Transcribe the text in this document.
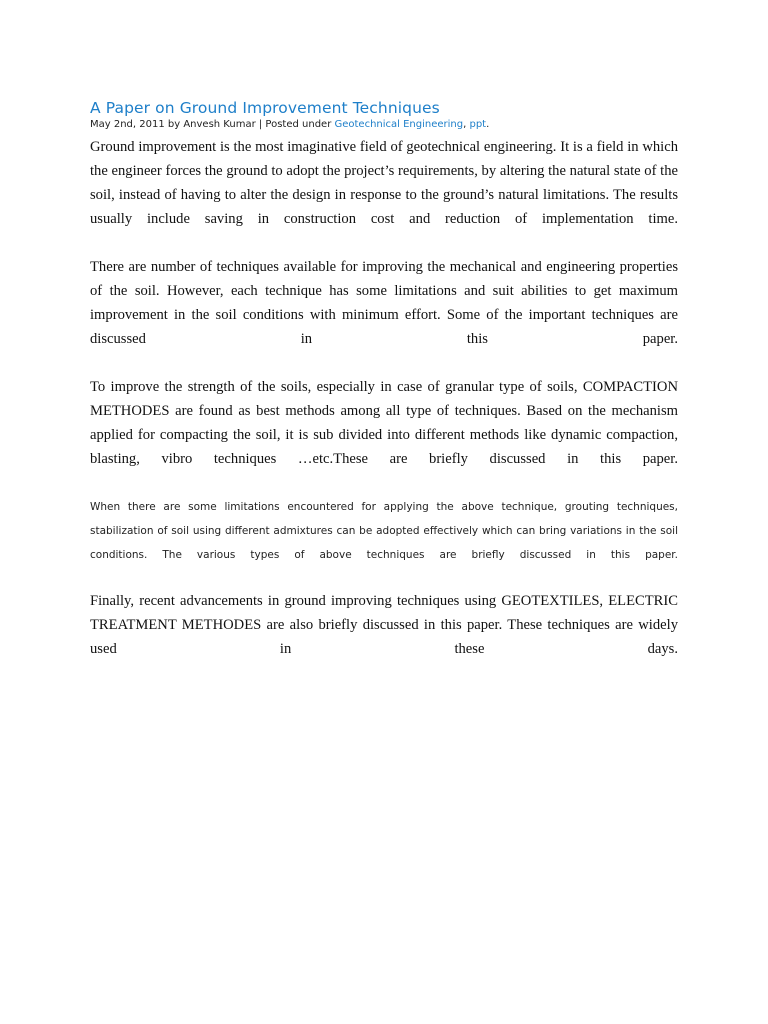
A Paper on Ground Improvement Techniques
May 2nd, 2011 by Anvesh Kumar | Posted under Geotechnical Engineering, ppt.

Ground improvement is the most imaginative field of geotechnical engineering. It is a field in which the engineer forces the ground to adopt the project’s requirements, by altering the natural state of the soil, instead of having to alter the design in response to the ground’s natural limitations. The results usually include saving in construction cost and reduction of implementation time.

There are number of techniques available for improving the mechanical and engineering properties of the soil. However, each technique has some limitations and suit abilities to get maximum improvement in the soil conditions with minimum effort. Some of the important techniques are discussed in this paper.

To improve the strength of the soils, especially in case of granular type of soils, COMPACTION METHODES are found as best methods among all type of techniques. Based on the mechanism applied for compacting the soil, it is sub divided into different methods like dynamic compaction, blasting, vibro techniques …etc.These are briefly discussed in this paper.

When there are some limitations encountered for applying the above technique, grouting techniques, stabilization of soil using different admixtures can be adopted effectively which can bring variations in the soil conditions. The various types of above techniques are briefly discussed in this paper.

Finally, recent advancements in ground improving techniques using GEOTEXTILES, ELECTRIC TREATMENT METHODES are also briefly discussed in this paper. These techniques are widely used in these days.
